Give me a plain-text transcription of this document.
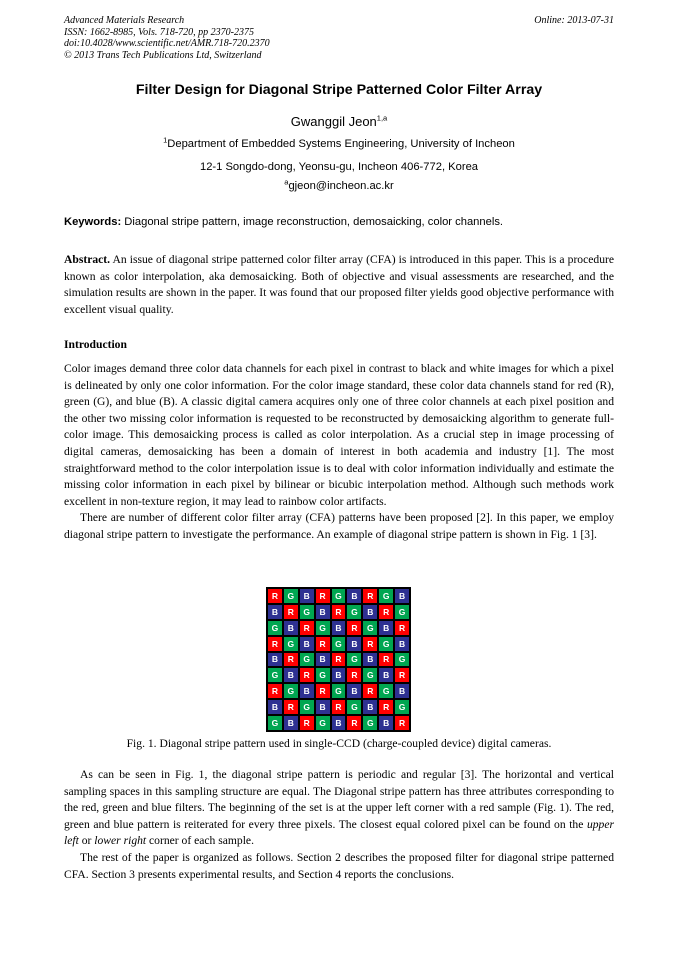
Advanced Materials Research
ISSN: 1662-8985, Vols. 718-720, pp 2370-2375
doi:10.4028/www.scientific.net/AMR.718-720.2370
© 2013 Trans Tech Publications Ltd, Switzerland
Online: 2013-07-31
Filter Design for Diagonal Stripe Patterned Color Filter Array
Gwanggil Jeon$^{1,a}$
$^1$Department of Embedded Systems Engineering, University of Incheon
12-1 Songdo-dong, Yeonsu-gu, Incheon 406-772, Korea
$^a$gjeon@incheon.ac.kr
Keywords: Diagonal stripe pattern, image reconstruction, demosaicking, color channels.
Abstract. An issue of diagonal stripe patterned color filter array (CFA) is introduced in this paper. This is a procedure known as color interpolation, aka demosaicking. Both of objective and visual assessments are researched, and the simulation results are shown in the paper. It was found that our proposed filter yields good objective performance with excellent visual quality.
Introduction
Color images demand three color data channels for each pixel in contrast to black and white images for which a pixel is delineated by only one color information. For the color image standard, these color data channels stand for red (R), green (G), and blue (B). A classic digital camera acquires only one of three color channels at each pixel position and the other two missing color information is requested to be reconstructed by demosaicking algorithm to generate full-color image. This demosaicking process is called as color interpolation. As a crucial step in image processing of digital cameras, demosaicking has been a domain of interest in both academia and industry [1]. The most straightforward method to the color interpolation issue is to deal with color information individually and estimate the missing color information in each pixel by bilinear or bicubic interpolation method. Although such methods work excellent in non-texture region, it may lead to rainbow color artifacts.
There are number of different color filter array (CFA) patterns have been proposed [2]. In this paper, we employ diagonal stripe pattern to investigate the performance. An example of diagonal stripe pattern is shown in Fig. 1 [3].
R	G	B	R	G	B	R	G	B
B	R	G	B	R	G	B	R	G
G	B	R	G	B	R	G	B	R
R	G	B	R	G	B	R	G	B
B	R	G	B	R	G	B	R	G
G	B	R	G	B	R	G	B	R
R	G	B	R	G	B	R	G	B
B	R	G	B	R	G	B	R	G
G	B	R	G	B	R	G	B	R
Fig. 1. Diagonal stripe pattern used in single-CCD (charge-coupled device) digital cameras.
As can be seen in Fig. 1, the diagonal stripe pattern is periodic and regular [3]. The horizontal and vertical sampling spaces in this sampling structure are equal. The Diagonal stripe pattern has three attributes corresponding to the red, green and blue filters. The beginning of the set is at the upper left corner with a red sample (Fig. 1). The red, green and blue pattern is reiterated for every three pixels. The closest equal colored pixel can be found on the upper left or lower right corner of each sample.
The rest of the paper is organized as follows. Section 2 describes the proposed filter for diagonal stripe patterned CFA. Section 3 presents experimental results, and Section 4 reports the conclusions.
